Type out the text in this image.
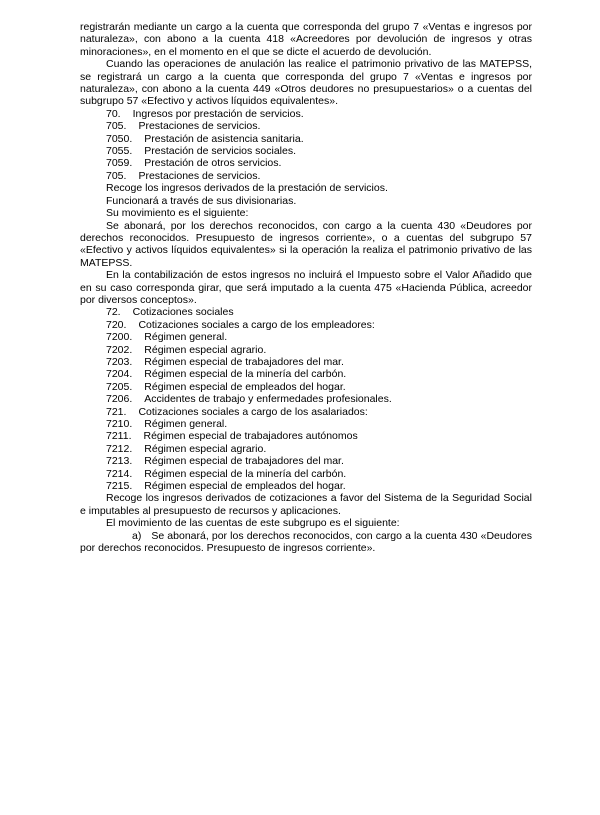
registrarán mediante un cargo a la cuenta que corresponda del grupo 7 «Ventas e ingresos por naturaleza», con abono a la cuenta 418 «Acreedores por devolución de ingresos y otras minoraciones», en el momento en el que se dicte el acuerdo de devolución.

Cuando las operaciones de anulación las realice el patrimonio privativo de las MATEPSS, se registrará un cargo a la cuenta que corresponda del grupo 7 «Ventas e ingresos por naturaleza», con abono a la cuenta 449 «Otros deudores no presupuestarios» o a cuentas del subgrupo 57 «Efectivo y activos líquidos equivalentes».

70. Ingresos por prestación de servicios.

705. Prestaciones de servicios.

7050. Prestación de asistencia sanitaria.

7055. Prestación de servicios sociales.

7059. Prestación de otros servicios.

705. Prestaciones de servicios.

Recoge los ingresos derivados de la prestación de servicios.

Funcionará a través de sus divisionarias.

Su movimiento es el siguiente:

Se abonará, por los derechos reconocidos, con cargo a la cuenta 430 «Deudores por derechos reconocidos. Presupuesto de ingresos corriente», o a cuentas del subgrupo 57 «Efectivo y activos líquidos equivalentes» si la operación la realiza el patrimonio privativo de las MATEPSS.

En la contabilización de estos ingresos no incluirá el Impuesto sobre el Valor Añadido que en su caso corresponda girar, que será imputado a la cuenta 475 «Hacienda Pública, acreedor por diversos conceptos».

72. Cotizaciones sociales

720. Cotizaciones sociales a cargo de los empleadores:

7200. Régimen general.

7202. Régimen especial agrario.

7203. Régimen especial de trabajadores del mar.

7204. Régimen especial de la minería del carbón.

7205. Régimen especial de empleados del hogar.

7206. Accidentes de trabajo y enfermedades profesionales.

721. Cotizaciones sociales a cargo de los asalariados:

7210. Régimen general.

7211. Régimen especial de trabajadores autónomos

7212. Régimen especial agrario.

7213. Régimen especial de trabajadores del mar.

7214. Régimen especial de la minería del carbón.

7215. Régimen especial de empleados del hogar.

Recoge los ingresos derivados de cotizaciones a favor del Sistema de la Seguridad Social e imputables al presupuesto de recursos y aplicaciones.

El movimiento de las cuentas de este subgrupo es el siguiente:

a) Se abonará, por los derechos reconocidos, con cargo a la cuenta 430 «Deudores por derechos reconocidos. Presupuesto de ingresos corriente».
